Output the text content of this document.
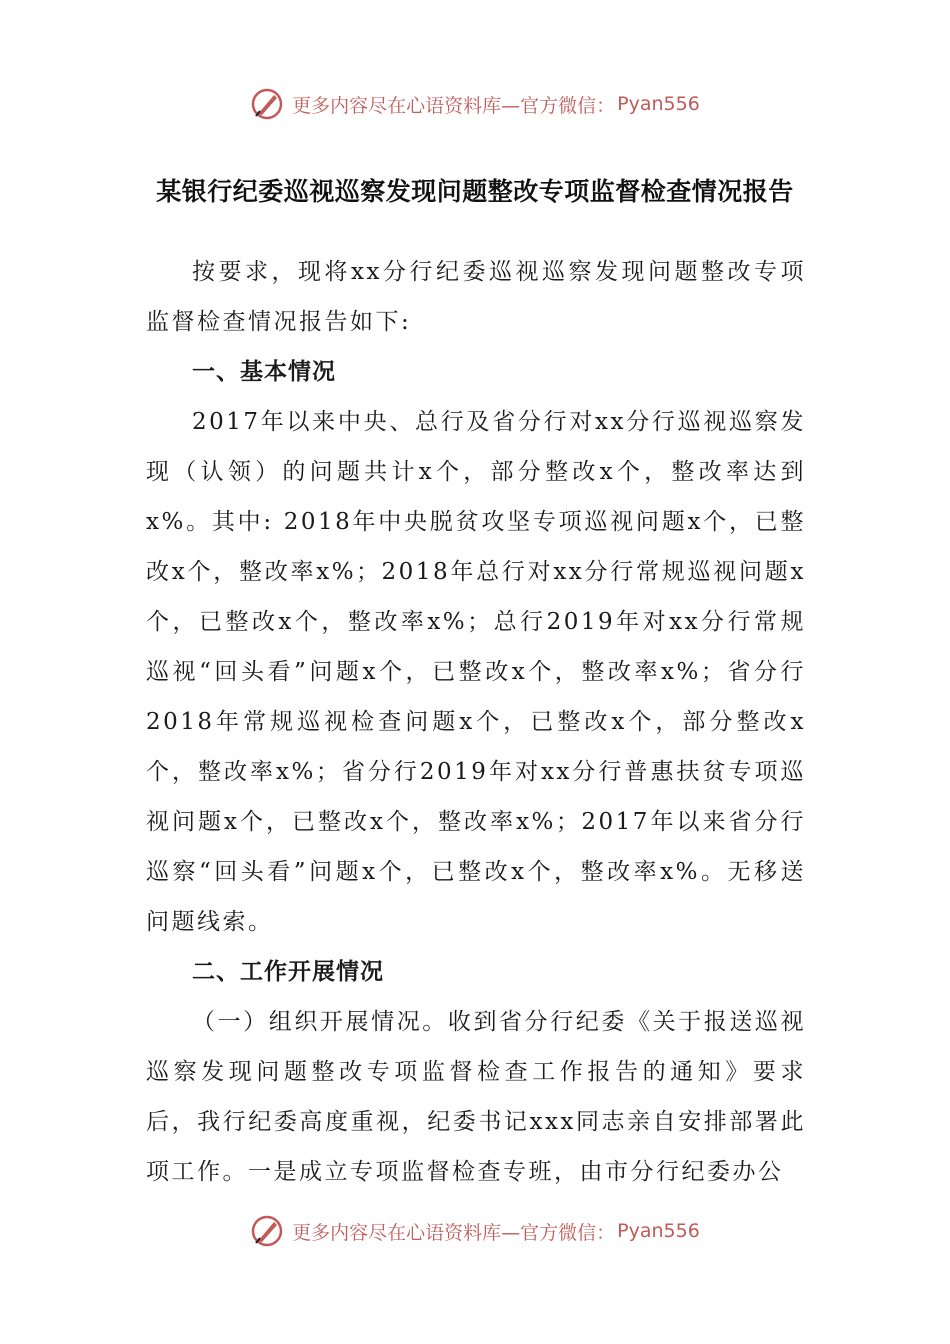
更多内容尽在心语资料库—官方微信： Pyan556
某银行纪委巡视巡察发现问题整改专项监督检查情况报告

按要求，现将xx分行纪委巡视巡察发现问题整改专项监督检查情况报告如下:

一、基本情况

2017年以来中央、总行及省分行对xx分行巡视巡察发现（认领）的问题共计x个，部分整改x个，整改率达到x%。其中: 2018年中央脱贫攻坚专项巡视问题x个，已整改x个，整改率x%；2018年总行对xx分行常规巡视问题x个，已整改x个，整改率x%；总行2019年对xx分行常规巡视“回头看”问题x个，已整改x个，整改率x%；省分行2018年常规巡视检查问题x个，已整改x个，部分整改x个，整改率x%；省分行2019年对xx分行普惠扶贫专项巡视问题x个，已整改x个，整改率x%；2017年以来省分行巡察“回头看”问题x个，已整改x个，整改率x%。无移送问题线索。

二、工作开展情况

（一）组织开展情况。收到省分行纪委《关于报送巡视巡察发现问题整改专项监督检查工作报告的通知》要求后，我行纪委高度重视，纪委书记xxx同志亲自安排部署此项工作。一是成立专项监督检查专班，由市分行纪委办公

更多内容尽在心语资料库—官方微信： Pyan556
